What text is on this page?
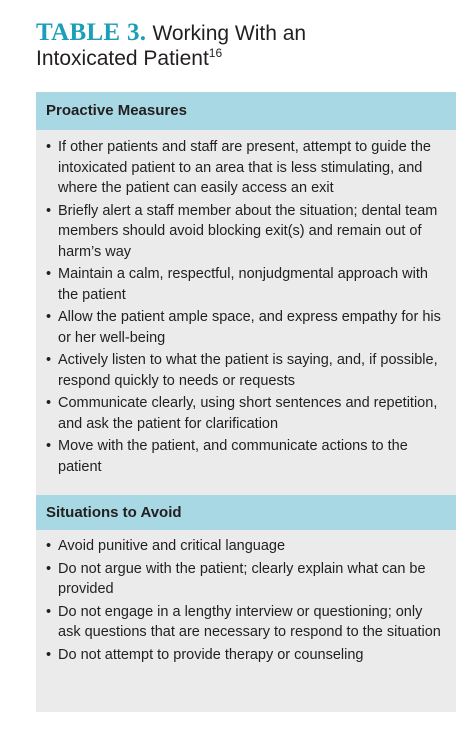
TABLE 3. Working With an
Intoxicated Patient$^{16}$
Proactive Measures
• If other patients and staff are present, attempt to guide the intoxicated patient to an area that is less stimulating, and where the patient can easily access an exit
• Briefly alert a staff member about the situation; dental team members should avoid blocking exit(s) and remain out of harm’s way
• Maintain a calm, respectful, nonjudgmental approach with the patient
• Allow the patient ample space, and express empathy for his or her well-being
• Actively listen to what the patient is saying, and, if possible, respond quickly to needs or requests
• Communicate clearly, using short sentences and repetition, and ask the patient for clarification
• Move with the patient, and communicate actions to the patient
Situations to Avoid
• Avoid punitive and critical language
• Do not argue with the patient; clearly explain what can be provided
• Do not engage in a lengthy interview or questioning; only ask questions that are necessary to respond to the situation
• Do not attempt to provide therapy or counseling
